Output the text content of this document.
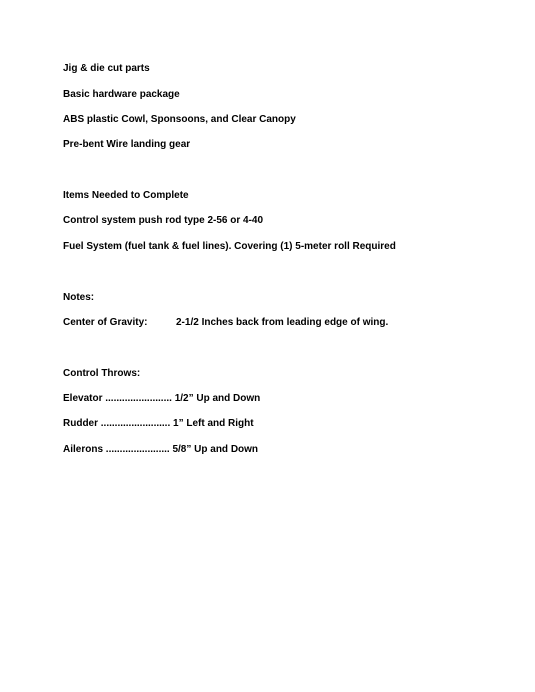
Jig & die cut parts
Basic hardware package
ABS plastic Cowl, Sponsoons, and Clear Canopy
Pre-bent Wire landing gear
Items Needed to Complete
Control system push rod type 2-56 or 4-40
Fuel System (fuel tank & fuel lines). Covering (1) 5-meter roll Required
Notes:
Center of Gravity:	2-1/2 Inches back from leading edge of wing.
Control Throws:
Elevator ........................ 1/2” Up and Down
Rudder ......................... 1” Left and Right
Ailerons ....................... 5/8” Up and Down
